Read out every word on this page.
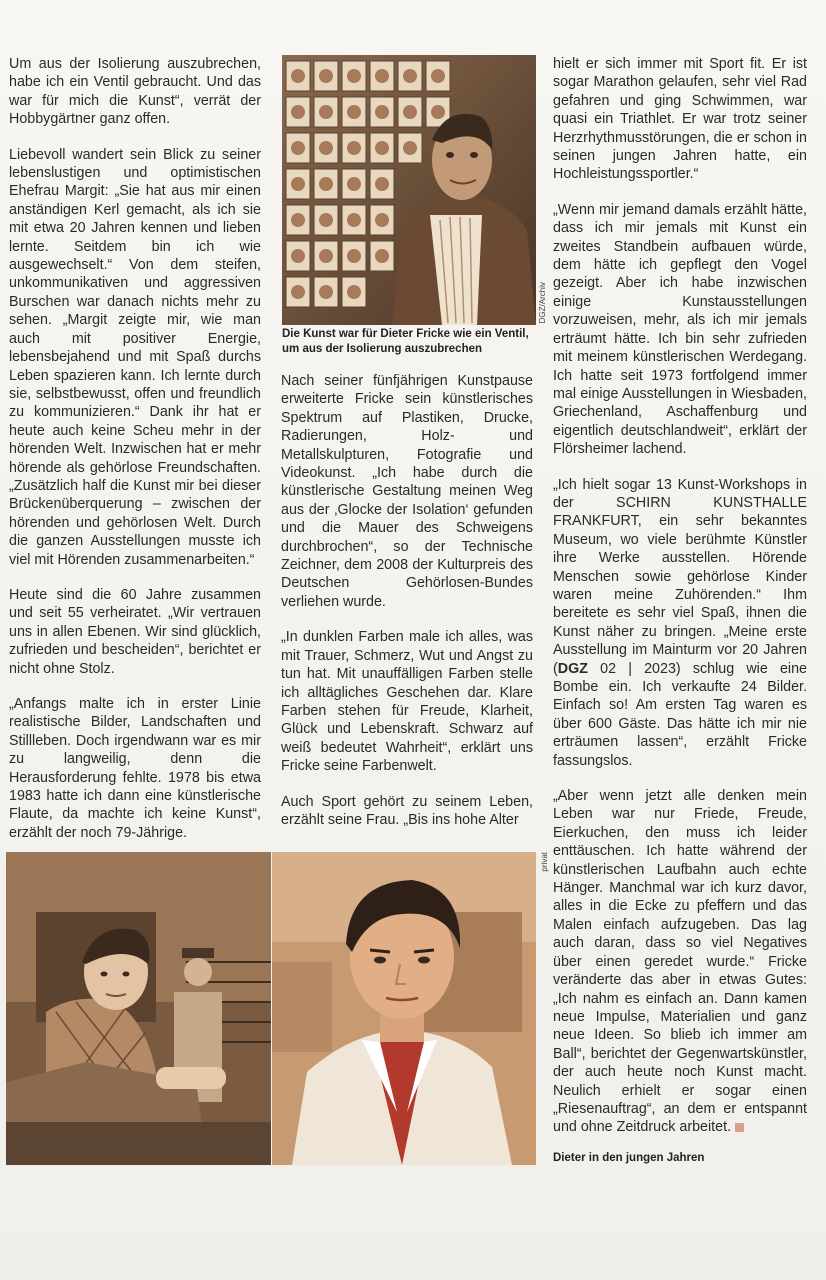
Um aus der Isolierung auszubrechen, habe ich ein Ventil gebraucht. Und das war für mich die Kunst“, verrät der Hobbygärtner ganz offen.

Liebevoll wandert sein Blick zu seiner lebenslustigen und optimistischen Ehefrau Margit: „Sie hat aus mir einen anständigen Kerl gemacht, als ich sie mit etwa 20 Jahren kennen und lieben lernte. Seitdem bin ich wie ausgewechselt.“ Von dem steifen, unkommunikativen und aggressiven Burschen war danach nichts mehr zu sehen. „Margit zeigte mir, wie man auch mit positiver Energie, lebensbejahend und mit Spaß durchs Leben spazieren kann. Ich lernte durch sie, selbstbewusst, offen und freundlich zu kommunizieren.“ Dank ihr hat er heute auch keine Scheu mehr in der hörenden Welt. Inzwischen hat er mehr hörende als gehörlose Freundschaften. „Zusätzlich half die Kunst mir bei dieser Brückenüberquerung – zwischen der hörenden und gehörlosen Welt. Durch die ganzen Ausstellungen musste ich viel mit Hörenden zusammenarbeiten.“

Heute sind die 60 Jahre zusammen und seit 55 verheiratet. „Wir vertrauen uns in allen Ebenen. Wir sind glücklich, zufrieden und bescheiden“, berichtet er nicht ohne Stolz.

„Anfangs malte ich in erster Linie realistische Bilder, Landschaften und Stillleben. Doch irgendwann war es mir zu langweilig, denn die Herausforderung fehlte. 1978 bis etwa 1983 hatte ich dann eine künstlerische Flaute, da machte ich keine Kunst“, erzählt der noch 79-Jährige.

DGZ/Archiv
Die Kunst war für Dieter Fricke wie ein Ventil, um aus der Isolierung auszubrechen

Nach seiner fünfjährigen Kunstpause erweiterte Fricke sein künstlerisches Spektrum auf Plastiken, Drucke, Radierungen, Holz- und Metallskulpturen, Fotografie und Videokunst. „Ich habe durch die künstlerische Gestaltung meinen Weg aus der ‚Glocke der Isolation‘ gefunden und die Mauer des Schweigens durchbrochen“, so der Technische Zeichner, dem 2008 der Kulturpreis des Deutschen Gehörlosen-Bundes verliehen wurde.

„In dunklen Farben male ich alles, was mit Trauer, Schmerz, Wut und Angst zu tun hat. Mit unauffälligen Farben stelle ich alltägliches Geschehen dar. Klare Farben stehen für Freude, Klarheit, Glück und Lebenskraft. Schwarz auf weiß bedeutet Wahrheit“, erklärt uns Fricke seine Farbenwelt.

Auch Sport gehört zu seinem Leben, erzählt seine Frau. „Bis ins hohe Alter

hielt er sich immer mit Sport fit. Er ist sogar Marathon gelaufen, sehr viel Rad gefahren und ging Schwimmen, war quasi ein Triathlet. Er war trotz seiner Herzrhythmusstörungen, die er schon in seinen jungen Jahren hatte, ein Hochleistungssportler.“

„Wenn mir jemand damals erzählt hätte, dass ich mir jemals mit Kunst ein zweites Standbein aufbauen würde, dem hätte ich gepflegt den Vogel gezeigt. Aber ich habe inzwischen einige Kunstausstellungen vorzuweisen, mehr, als ich mir jemals erträumt hätte. Ich bin sehr zufrieden mit meinem künstlerischen Werdegang. Ich hatte seit 1973 fortfolgend immer mal einige Ausstellungen in Wiesbaden, Griechenland, Aschaffenburg und eigentlich deutschlandweit“, erklärt der Flörsheimer lachend.

„Ich hielt sogar 13 Kunst-Workshops in der SCHIRN KUNSTHALLE FRANKFURT, ein sehr bekanntes Museum, wo viele berühmte Künstler ihre Werke ausstellen. Hörende Menschen sowie gehörlose Kinder waren meine Zuhörenden.“ Ihm bereitete es sehr viel Spaß, ihnen die Kunst näher zu bringen. „Meine erste Ausstellung im Mainturm vor 20 Jahren (DGZ 02 | 2023) schlug wie eine Bombe ein. Ich verkaufte 24 Bilder. Einfach so! Am ersten Tag waren es über 600 Gäste. Das hätte ich mir nie erträumen lassen“, erzählt Fricke fassungslos.

„Aber wenn jetzt alle denken mein Leben war nur Friede, Freude, Eierkuchen, den muss ich leider enttäuschen. Ich hatte während der künstlerischen Laufbahn auch echte Hänger. Manchmal war ich kurz davor, alles in die Ecke zu pfeffern und das Malen einfach aufzugeben. Das lag auch daran, dass so viel Negatives über einen geredet wurde.“ Fricke veränderte das aber in etwas Gutes: „Ich nahm es einfach an. Dann kamen neue Impulse, Materialien und ganz neue Ideen. So blieb ich immer am Ball“, berichtet der Gegenwartskünstler, der auch heute noch Kunst macht. Neulich erhielt er sogar einen „Riesenauftrag“, an dem er entspannt und ohne Zeitdruck arbeitet.

privat
Dieter in den jungen Jahren
